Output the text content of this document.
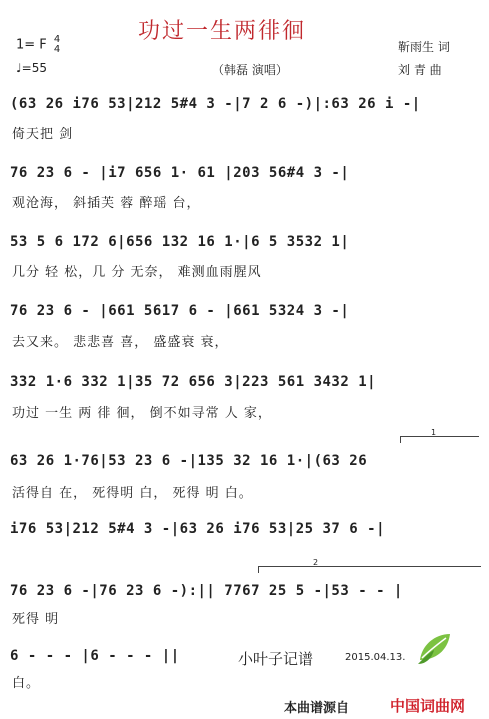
功过一生两徘徊
1= F 4
4
♩=55	（韩磊 演唱）
靳雨生 词
刘 青 曲
(63 26 i76 53|212 5#4 3 -|7 2 6 -)|:63 26 i -|
倚天把 剑
76 23 6 - |i7 656 1· 61 |203 56#4 3 -|
观沧海， 斜插芙 蓉 醉瑶 台，
53 5 6 172 6|656 132 16 1·|6 5 3532 1|
几分 轻 松，几 分 无奈， 难测血雨腥风
76 23 6 - |661 5617 6 - |661 5324 3 -|
去又来。 悲悲喜 喜， 盛盛衰 衰，
332 1·6 332 1|35 72 656 3|223 561 3432 1|
功过 一生 两 徘 徊， 倒不如寻常 人 家，
1
63 26 1·76|53 23 6 -|135 32 16 1·|(63 26
活得自 在， 死得明 白， 死得 明 白。
i76 53|212 5#4 3 -|63 26 i76 53|25 37 6 -|
2
76 23 6 -|76 23 6 -):|| 7767 25 5 -|53 - - |
死得 明
6 - - - |6 - - - ||
白。
小叶子记谱	2015.04.13.
本曲谱源自	中国词曲网
